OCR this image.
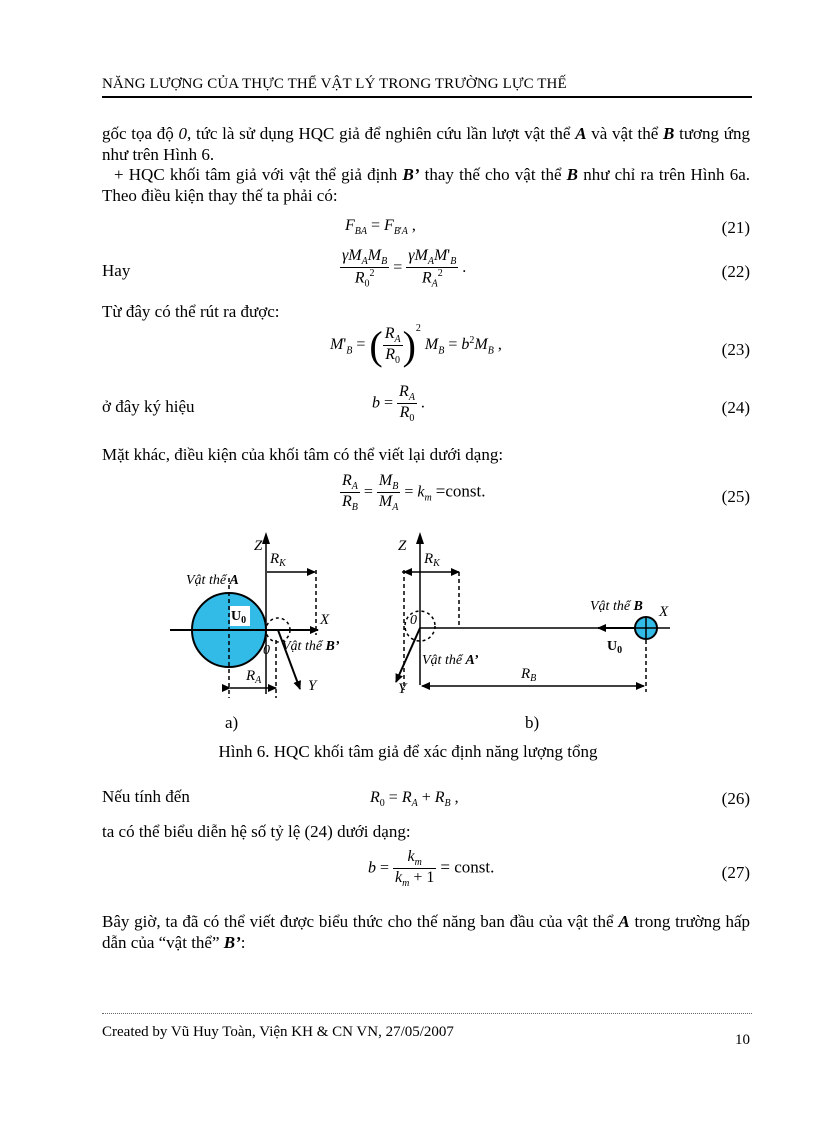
NĂNG LƯỢNG CỦA THỰC THỂ VẬT LÝ TRONG TRƯỜNG LỰC THẾ
gốc tọa độ 0, tức là sử dụng HQC giả để nghiên cứu lần lượt vật thể A và vật thể B tương ứng như trên Hình 6.
+ HQC khối tâm giả với vật thể giả định B’ thay thế cho vật thể B như chỉ ra trên Hình 6a. Theo điều kiện thay thế ta phải có:
$F_{BA} = F_{B'A}$ ,	(21)
Hay	$\frac{\gamma M_AM_B}{R_0^2} = \frac{\gamma M_AM'_B}{R_A^2}$ .	(22)
Từ đây có thể rút ra được:
$M'_B$ = ( $\frac{R_A}{R_0} )^2$ $M_B = b^2M_B$ ,	(23)
ở đây ký hiệu	$b = \frac{R_A}{R_0}$ .	(24)
Mặt khác, điều kiện của khối tâm có thể viết lại dưới dạng:
$\frac{R_A}{R_B} = \frac{M_B}{M_A} = k_m$ =const.	(25)
Z
$R_K$
Vật thể A
$U_0$	X
0 Vật thể B’
$R_A$	Y
a)
Z
$R_K$
0
Vật thể B X
$U_0$
Vật thể A’
$R_B$
Y
b)
Hình 6. HQC khối tâm giả để xác định năng lượng tổng
Nếu tính đến	$R_0 = R_A + R_B$ ,	(26)
ta có thể biểu diễn hệ số tỷ lệ (24) dưới dạng:
$b = \frac{k_m}{k_m + 1}$ = const.	(27)
Bây giờ, ta đã có thể viết được biểu thức cho thế năng ban đầu của vật thể A trong trường hấp dẫn của “vật thể” B’:
Created by Vũ Huy Toàn, Viện KH & CN VN, 27/05/2007	10
